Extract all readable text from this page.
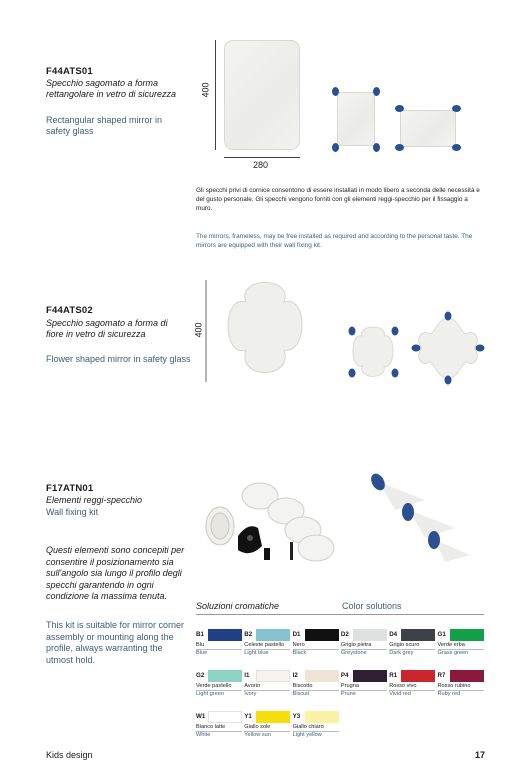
F44ATS01
Specchio sagomato a forma rettangolare in vetro di sicurezza
Rectangular shaped mirror in safety glass
400
280
Gli specchi privi di cornice consentono di essere installati in modo libero a seconda delle necessità e del gusto personale. Gli specchi vengono forniti con gli elementi reggi-specchio per il fissaggio a muro.
The mirrors, frameless, may be free installed as required and according to the personal taste. The mirrors are equipped with their wall fixing kit.
F44ATS02
Specchio sagomato a forma di fiore in vetro di sicurezza
Flower shaped mirror in safety glass
400
F17ATN01
Elementi reggi-specchio
Wall fixing kit
Questi elementi sono concepiti per consentire il posizionamento sia sull'angolo sia lungo il profilo degli specchi garantendo in ogni condizione la massima tenuta.
This kit is suitable for mirror corner assembly or mounting along the profile, always warranting the utmost hold.
Soluzioni cromatiche	Color solutions
B1
Blu
Blue
B2
Celeste pastello
Light blue
D1
Nero
Black
D2
Grigio pietra
Greystone
D4
Grigio scuro
Dark grey
G1
Verde erba
Grass green
G2
Verde pastello
Light green
I1
Avorio
Ivory
I2
Biscotto
Biscuit
P4
Prugna
Prune
R1
Rosso vivo
Vivid red
R7
Rosso rubino
Ruby red
W1
Bianco latte
White
Y1
Giallo sole
Yellow sun
Y3
Giallo chiaro
Light yellow
Kids design	17
